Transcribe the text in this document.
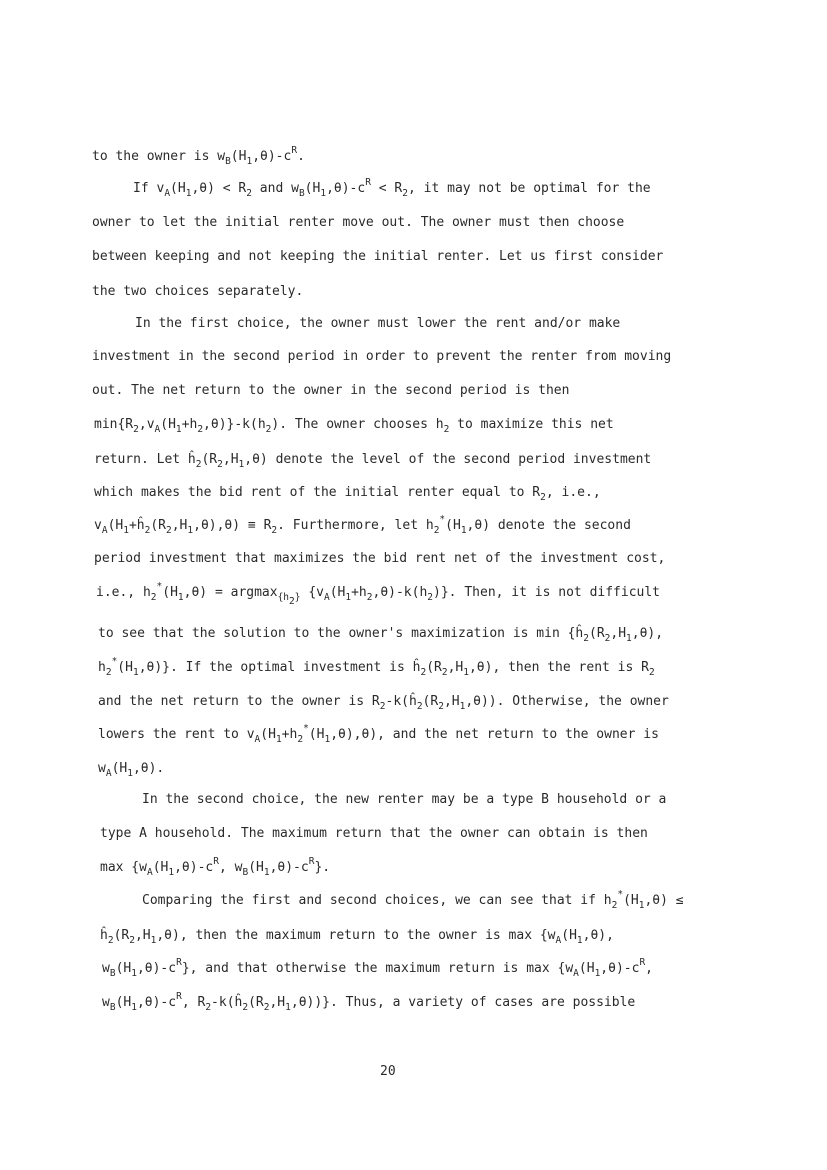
to the owner is $w_B(H_1,\theta)-c^R$.
If $v_A(H_1,\theta) < R_2$ and $w_B(H_1,\theta)-c^R < R_2$, it may not be optimal for the
owner to let the initial renter move out. The owner must then choose
between keeping and not keeping the initial renter. Let us first consider
the two choices separately.
In the first choice, the owner must lower the rent and/or make
investment in the second period in order to prevent the renter from moving
out. The net return to the owner in the second period is then
$\min\{R_2,v_A(H_1+h_2,\theta)\}-k(h_2)$. The owner chooses $h_2$ to maximize this net
return. Let $ĥ_2(R_2,H_1,\theta)$ denote the level of the second period investment
which makes the bid rent of the initial renter equal to $R_2$, i.e.,
$v_A(H_1+ĥ_2(R_2,H_1,\theta),\theta) \equiv R_2$. Furthermore, let $h_2^*(H_1,\theta)$ denote the second
period investment that maximizes the bid rent net of the investment cost,
i.e., $h_2^*(H_1,\theta) = argmax_{\{h_2\}}$ $\{v_A(H_1+h_2,\theta)-k(h_2)\}$. Then, it is not difficult
to see that the solution to the owner's maximization is $\min \{ĥ_2(R_2,H_1,\theta)$,
$h_2^*(H_1,\theta)$}. If the optimal investment is $ĥ_2(R_2,H_1,\theta)$, then the rent is $R_2$
and the net return to the owner is $R_2-k(ĥ_2(R_2,H_1,\theta))$. Otherwise, the owner
lowers the rent to $v_A(H_1+h_2^*(H_1,\theta),\theta)$, and the net return to the owner is
$w_A(H_1,\theta)$.
In the second choice, the new renter may be a type B household or a
type A household. The maximum return that the owner can obtain is then
$\max \{w_A(H_1,\theta)-c^R$, $w_B(H_1,\theta)-c^R$}.
Comparing the first and second choices, we can see that if $h_2^*(H_1,\theta)$ ≤
$ĥ_2(R_2,H_1,\theta)$, then the maximum return to the owner is $\max \{w_A(H_1,\theta)$,
$w_B(H_1,\theta)-c^R$}, and that otherwise the maximum return is $\max \{w_A(H_1,\theta)-c^R$,
$w_B(H_1,\theta)-c^R$, $R_2-k(ĥ_2(R_2,H_1,\theta))$}. Thus, a variety of cases are possible
20
